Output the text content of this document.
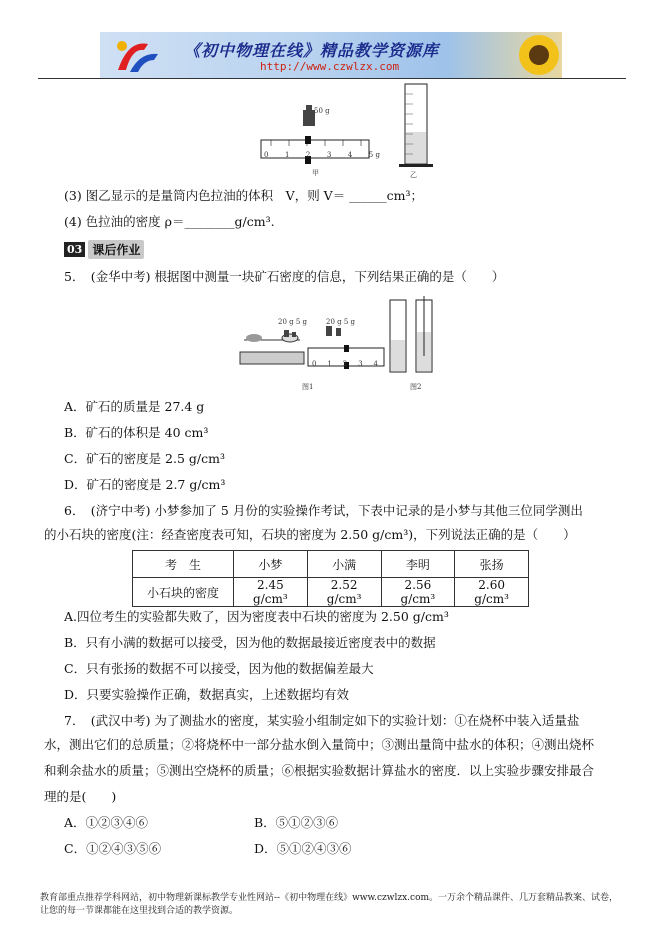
《初中物理在线》精品教学资源库
http://www.czwlzx.com
50 g
0 1 2 3 4 5 g
甲	乙
(3) 图乙显示的是量筒内色拉油的体积　V，则 V＝ ______cm³；
(4) 色拉油的密度 ρ＝________g/cm³.
03 课后作业
5．　(金华中考) 根据图中测量一块矿石密度的信息，下列结果正确的是（　　）
20 g 5 g	20 g 5 g
0 1 2 3 4
图1	图2
A．矿石的质量是 27.4 g
B．矿石的体积是 40 cm³
C．矿石的密度是 2.5 g/cm³
D．矿石的密度是 2.7 g/cm³
6．　(济宁中考) 小梦参加了 5 月份的实验操作考试，下表中记录的是小梦与其他三位同学测出
的小石块的密度(注：经查密度表可知，石块的密度为 2.50 g/cm³)，下列说法正确的是（　　）
考　生	小梦	小满	李明	张扬
小石块的密度	2.45 g/cm³	2.52 g/cm³	2.56 g/cm³	2.60 g/cm³
A.四位考生的实验都失败了，因为密度表中石块的密度为 2.50 g/cm³
B．只有小满的数据可以接受，因为他的数据最接近密度表中的数据
C．只有张扬的数据不可以接受，因为他的数据偏差最大
D．只要实验操作正确，数据真实，上述数据均有效
7．　(武汉中考) 为了测盐水的密度，某实验小组制定如下的实验计划：①在烧杯中装入适量盐
水，测出它们的总质量；②将烧杯中一部分盐水倒入量筒中；③测出量筒中盐水的体积；④测出烧杯
和剩余盐水的质量；⑤测出空烧杯的质量；⑥根据实验数据计算盐水的密度．以上实验步骤安排最合
理的是(　　)
A．①②③④⑥	B．⑤①②③⑥
C．①②④③⑤⑥	D．⑤①②④③⑥
教育部重点推荐学科网站，初中物理新课标教学专业性网站--《初中物理在线》www.czwlzx.com。一万余个精品课件、几万套精品教案、试卷，让您的每一节课都能在这里找到合适的教学资源。
